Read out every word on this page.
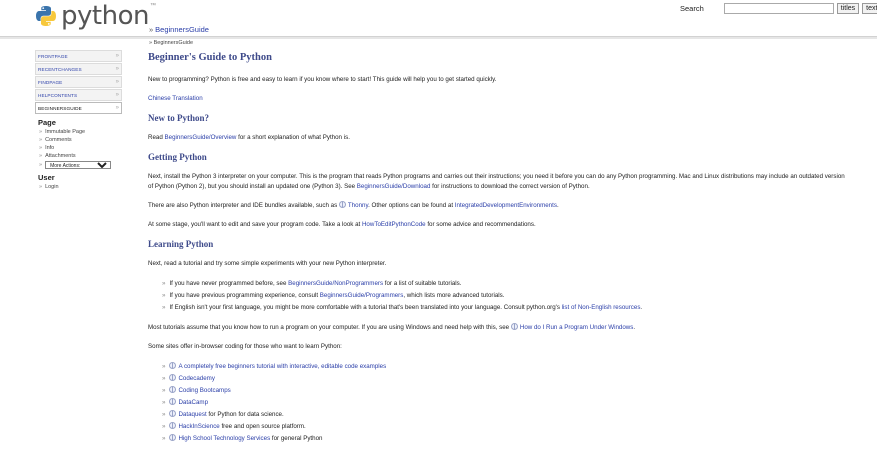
python ™	Search	titles	text
» BeginnersGuide
» BeginnersGuide
FRONTPAGE	»
RECENTCHANGES	»
FINDPAGE	»
HELPCONTENTS	»
BEGINNERSGUIDE	»
Page
» Immutable Page
» Comments
» Info
» Attachments
»
More Actions:
User
» Login
Beginner's Guide to Python

New to programming? Python is free and easy to learn if you know where to start! This guide will help you to get started quickly.

Chinese Translation

New to Python?

Read BeginnersGuide/Overview for a short explanation of what Python is.

Getting Python

Next, install the Python 3 interpreter on your computer. This is the program that reads Python programs and carries out their instructions; you need it before you can do any Python programming. Mac and Linux distributions may include an outdated version of Python (Python 2), but you should install an updated one (Python 3). See BeginnersGuide/Download for instructions to download the correct version of Python.

There are also Python interpreter and IDE bundles available, such as Thonny. Other options can be found at IntegratedDevelopmentEnvironments.

At some stage, you'll want to edit and save your program code. Take a look at HowToEditPythonCode for some advice and recommendations.

Learning Python

Next, read a tutorial and try some simple experiments with your new Python interpreter.

» If you have never programmed before, see BeginnersGuide/NonProgrammers for a list of suitable tutorials.
» If you have previous programming experience, consult BeginnersGuide/Programmers, which lists more advanced tutorials.
» If English isn't your first language, you might be more comfortable with a tutorial that's been translated into your language. Consult python.org's list of Non-English resources.

Most tutorials assume that you know how to run a program on your computer. If you are using Windows and need help with this, see How do I Run a Program Under Windows.

Some sites offer in-browser coding for those who want to learn Python:

» A completely free beginners tutorial with interactive, editable code examples
» Codecademy
» Coding Bootcamps
» DataCamp
» Dataquest for Python for data science.
» HackInScience free and open source platform.
» High School Technology Services for general Python
